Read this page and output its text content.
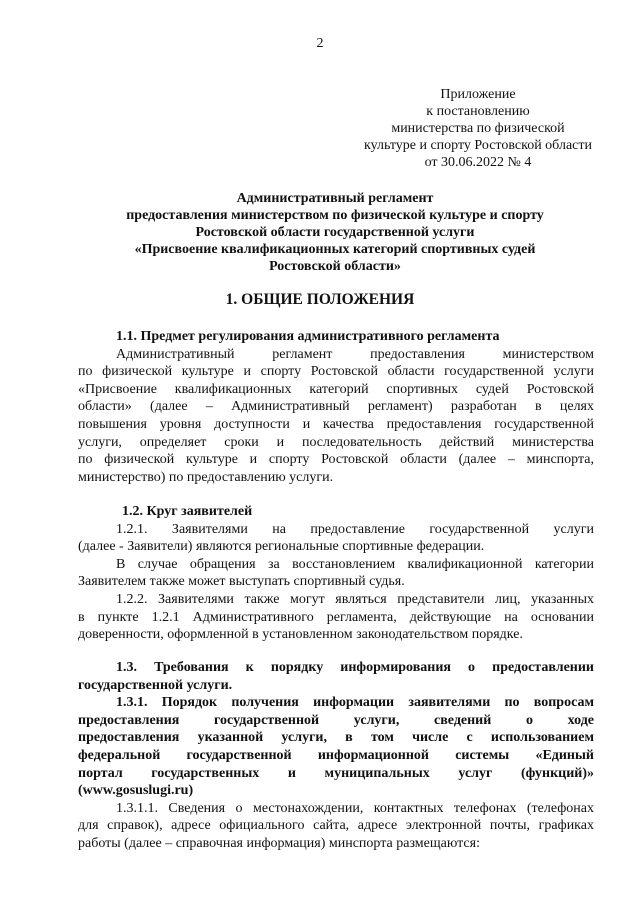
2
Приложение
к постановлению
министерства по физической
культуре и спорту Ростовской области
от 30.06.2022 № 4
Административный регламент
предоставления министерством по физической культуре и спорту
Ростовской области государственной услуги
«Присвоение квалификационных категорий спортивных судей
Ростовской области»
1. ОБЩИЕ ПОЛОЖЕНИЯ
1.1. Предмет регулирования административного регламента
Административный регламент предоставления министерством
по физической культуре и спорту Ростовской области государственной услуги
«Присвоение квалификационных категорий спортивных судей Ростовской
области» (далее – Административный регламент) разработан в целях
повышения уровня доступности и качества предоставления государственной
услуги, определяет сроки и последовательность действий министерства
по физической культуре и спорту Ростовской области (далее – минспорта,
министерство) по предоставлению услуги.
1.2. Круг заявителей
1.2.1. Заявителями на предоставление государственной услуги
(далее - Заявители) являются региональные спортивные федерации.
В случае обращения за восстановлением квалификационной категории
Заявителем также может выступать спортивный судья.
1.2.2. Заявителями также могут являться представители лиц, указанных
в пункте 1.2.1 Административного регламента, действующие на основании
доверенности, оформленной в установленном законодательством порядке.
1.3. Требования к порядку информирования о предоставлении
государственной услуги.
1.3.1. Порядок получения информации заявителями по вопросам
предоставления государственной услуги, сведений о ходе
предоставления указанной услуги, в том числе с использованием
федеральной государственной информационной системы «Единый
портал государственных и муниципальных услуг (функций)»
(www.gosuslugi.ru)
1.3.1.1. Сведения о местонахождении, контактных телефонах (телефонах
для справок), адресе официального сайта, адресе электронной почты, графиках
работы (далее – справочная информация) минспорта размещаются:
